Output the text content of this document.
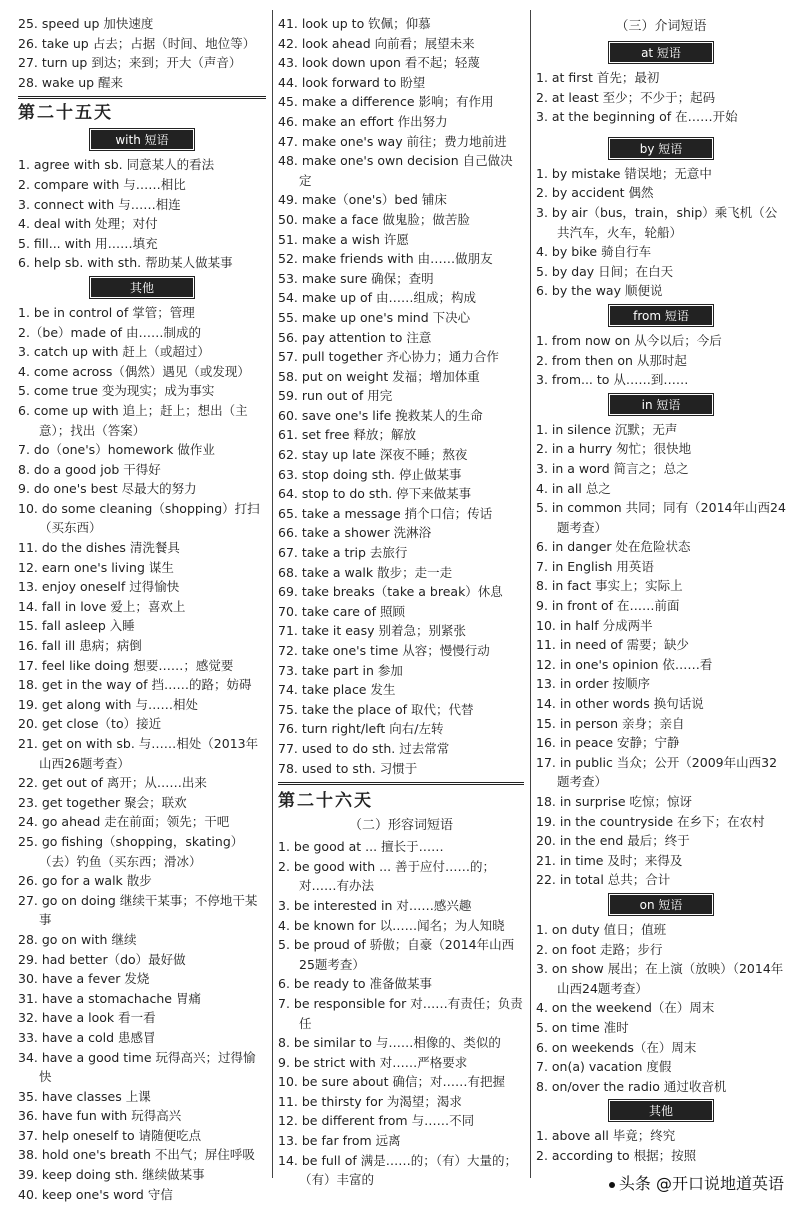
25. speed up 加快速度
26. take up 占去；占据（时间、地位等）
27. turn up 到达；来到；开大（声音）
28. wake up 醒来
第二十五天
with 短语
1. agree with sb. 同意某人的看法
2. compare with 与……相比
3. connect with 与……相连
4. deal with 处理；对付
5. fill... with 用……填充
6. help sb. with sth. 帮助某人做某事
其他
1. be in control of 掌管；管理
2.（be）made of 由……制成的
3. catch up with 赶上（或超过）
4. come across（偶然）遇见（或发现）
5. come true 变为现实；成为事实
6. come up with 追上；赶上；想出（主意）；找出（答案）
7. do（one's）homework 做作业
8. do a good job 干得好
9. do one's best 尽最大的努力
10. do some cleaning（shopping）打扫（买东西）
11. do the dishes 清洗餐具
12. earn one's living 谋生
13. enjoy oneself 过得愉快
14. fall in love 爱上；喜欢上
15. fall asleep 入睡
16. fall ill 患病；病倒
17. feel like doing 想要……；感觉要
18. get in the way of 挡……的路；妨碍
19. get along with 与……相处
20. get close（to）接近
21. get on with sb. 与……相处（2013年山西26题考查）
22. get out of 离开；从……出来
23. get together 聚会；联欢
24. go ahead 走在前面；领先；干吧
25. go fishing（shopping，skating）（去）钓鱼（买东西；滑冰）
26. go for a walk 散步
27. go on doing 继续干某事；不停地干某事
28. go on with 继续
29. had better（do）最好做
30. have a fever 发烧
31. have a stomachache 胃痛
32. have a look 看一看
33. have a cold 患感冒
34. have a good time 玩得高兴；过得愉快
35. have classes 上课
36. have fun with 玩得高兴
37. help oneself to 请随便吃点
38. hold one's breath 不出气；屏住呼吸
39. keep doing sth. 继续做某事
40. keep one's word 守信
41. look up to 钦佩；仰慕
42. look ahead 向前看；展望未来
43. look down upon 看不起；轻蔑
44. look forward to 盼望
45. make a difference 影响；有作用
46. make an effort 作出努力
47. make one's way 前往；费力地前进
48. make one's own decision 自己做决定
49. make（one's）bed 铺床
50. make a face 做鬼脸；做苦脸
51. make a wish 许愿
52. make friends with 由……做朋友
53. make sure 确保；查明
54. make up of 由……组成；构成
55. make up one's mind 下决心
56. pay attention to 注意
57. pull together 齐心协力；通力合作
58. put on weight 发福；增加体重
59. run out of 用完
60. save one's life 挽救某人的生命
61. set free 释放；解放
62. stay up late 深夜不睡；熬夜
63. stop doing sth. 停止做某事
64. stop to do sth. 停下来做某事
65. take a message 捎个口信；传话
66. take a shower 洗淋浴
67. take a trip 去旅行
68. take a walk 散步；走一走
69. take breaks（take a break）休息
70. take care of 照顾
71. take it easy 别着急；别紧张
72. take one's time 从容；慢慢行动
73. take part in 参加
74. take place 发生
75. take the place of 取代；代替
76. turn right/left 向右/左转
77. used to do sth. 过去常常
78. used to sth. 习惯于
第二十六天
（二）形容词短语
1. be good at ... 擅长于……
2. be good with ... 善于应付……的；对……有办法
3. be interested in 对……感兴趣
4. be known for 以……闻名；为人知晓
5. be proud of 骄傲；自豪（2014年山西25题考查）
6. be ready to 准备做某事
7. be responsible for 对……有责任；负责任
8. be similar to 与……相像的、类似的
9. be strict with 对……严格要求
10. be sure about 确信；对……有把握
11. be thirsty for 为渴望；渴求
12. be different from 与……不同
13. be far from 远离
14. be full of 满是……的；（有）大量的；（有）丰富的
（三）介词短语
at 短语
1. at first 首先；最初
2. at least 至少；不少于；起码
3. at the beginning of 在……开始
by 短语
1. by mistake 错误地；无意中
2. by accident 偶然
3. by air（bus，train，ship）乘飞机（公共汽车，火车，轮船）
4. by bike 骑自行车
5. by day 日间；在白天
6. by the way 顺便说
from 短语
1. from now on 从今以后；今后
2. from then on 从那时起
3. from... to 从……到……
in 短语
1. in silence 沉默；无声
2. in a hurry 匆忙；很快地
3. in a word 简言之；总之
4. in all 总之
5. in common 共同；同有（2014年山西24题考查）
6. in danger 处在危险状态
7. in English 用英语
8. in fact 事实上；实际上
9. in front of 在……前面
10. in half 分成两半
11. in need of 需要；缺少
12. in one's opinion 依……看
13. in order 按顺序
14. in other words 换句话说
15. in person 亲身；亲自
16. in peace 安静；宁静
17. in public 当众；公开（2009年山西32题考查）
18. in surprise 吃惊；惊讶
19. in the countryside 在乡下；在农村
20. in the end 最后；终于
21. in time 及时；来得及
22. in total 总共；合计
on 短语
1. on duty 值日；值班
2. on foot 走路；步行
3. on show 展出；在上演（放映）（2014年山西24题考查）
4. on the weekend（在）周末
5. on time 准时
6. on weekends（在）周末
7. on(a) vacation 度假
8. on/over the radio 通过收音机
其他
1. above all 毕竟；终究
2. according to 根据；按照
头条 @开口说地道英语
